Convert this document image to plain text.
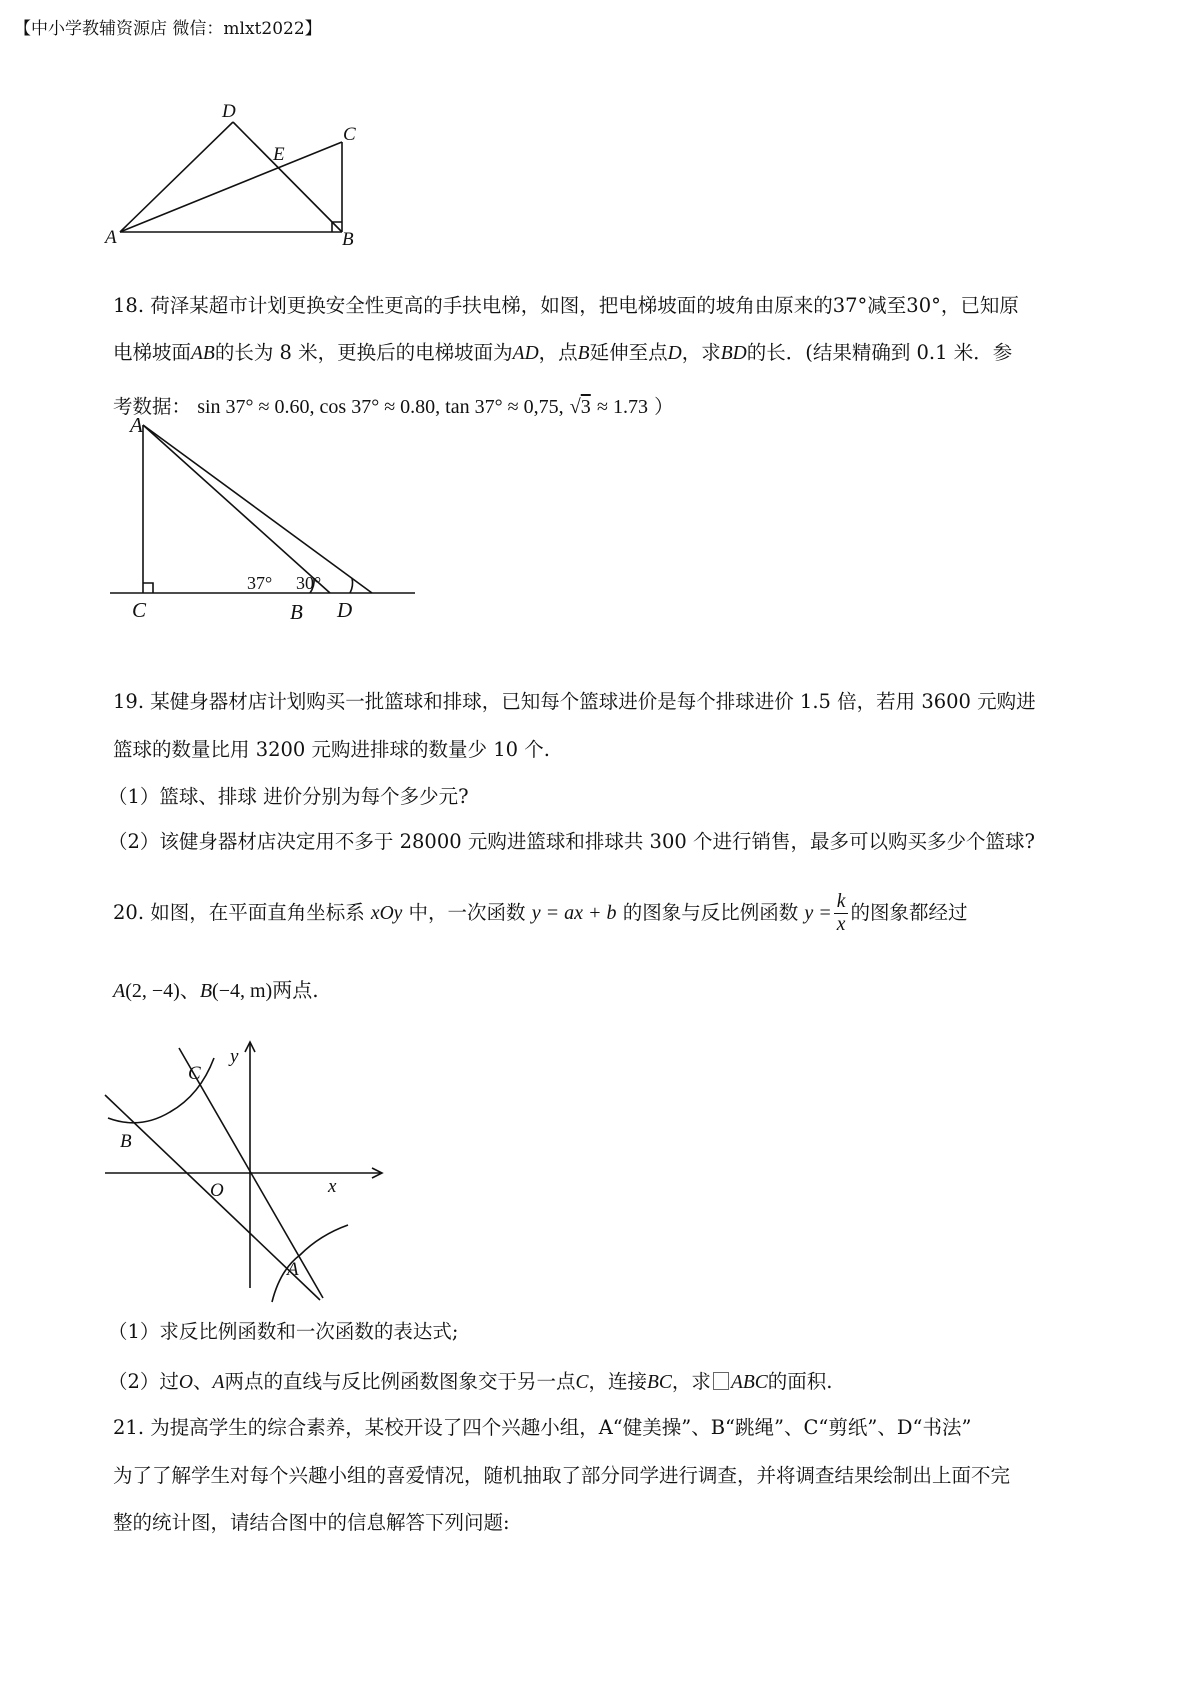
【中小学教辅资源店 微信：mlxt2022】
A	B
C
D
E
18. 荷泽某超市计划更换安全性更高的手扶电梯，如图，把电梯坡面的坡角由原来的37°减至30°，已知原
电梯坡面AB的长为 8 米，更换后的电梯坡面为AD，点B延伸至点D，求BD的长．(结果精确到 0.1 米．参
考数据： sin 37° ≈ 0.60, cos 37° ≈ 0.80, tan 37° ≈ 0,75, √3 ≈ 1.73 ）
A
C	B D
37° 30°
19. 某健身器材店计划购买一批篮球和排球，已知每个篮球进价是每个排球进价 1.5 倍，若用 3600 元购进
篮球的数量比用 3200 元购进排球的数量少 10 个.
（1）篮球、排球 进价分别为每个多少元?
（2）该健身器材店决定用不多于 28000 元购进篮球和排球共 300 个进行销售，最多可以购买多少个篮球?
20. 如图，在平面直角坐标系 xOy 中，一次函数 y = ax + b 的图象与反比例函数 $y = \frac{k}{x}$ 的图象都经过
A(2, −4)、B(−4, m)两点.
y
x
O
A
B
C
（1）求反比例函数和一次函数的表达式;
（2）过O、A两点的直线与反比例函数图象交于另一点C，连接BC，求 ABC的面积.
21. 为提高学生的综合素养，某校开设了四个兴趣小组，A“健美操”、B“跳绳”、C“剪纸”、D“书法”
为了了解学生对每个兴趣小组的喜爱情况，随机抽取了部分同学进行调查，并将调查结果绘制出上面不完
整的统计图，请结合图中的信息解答下列问题:
